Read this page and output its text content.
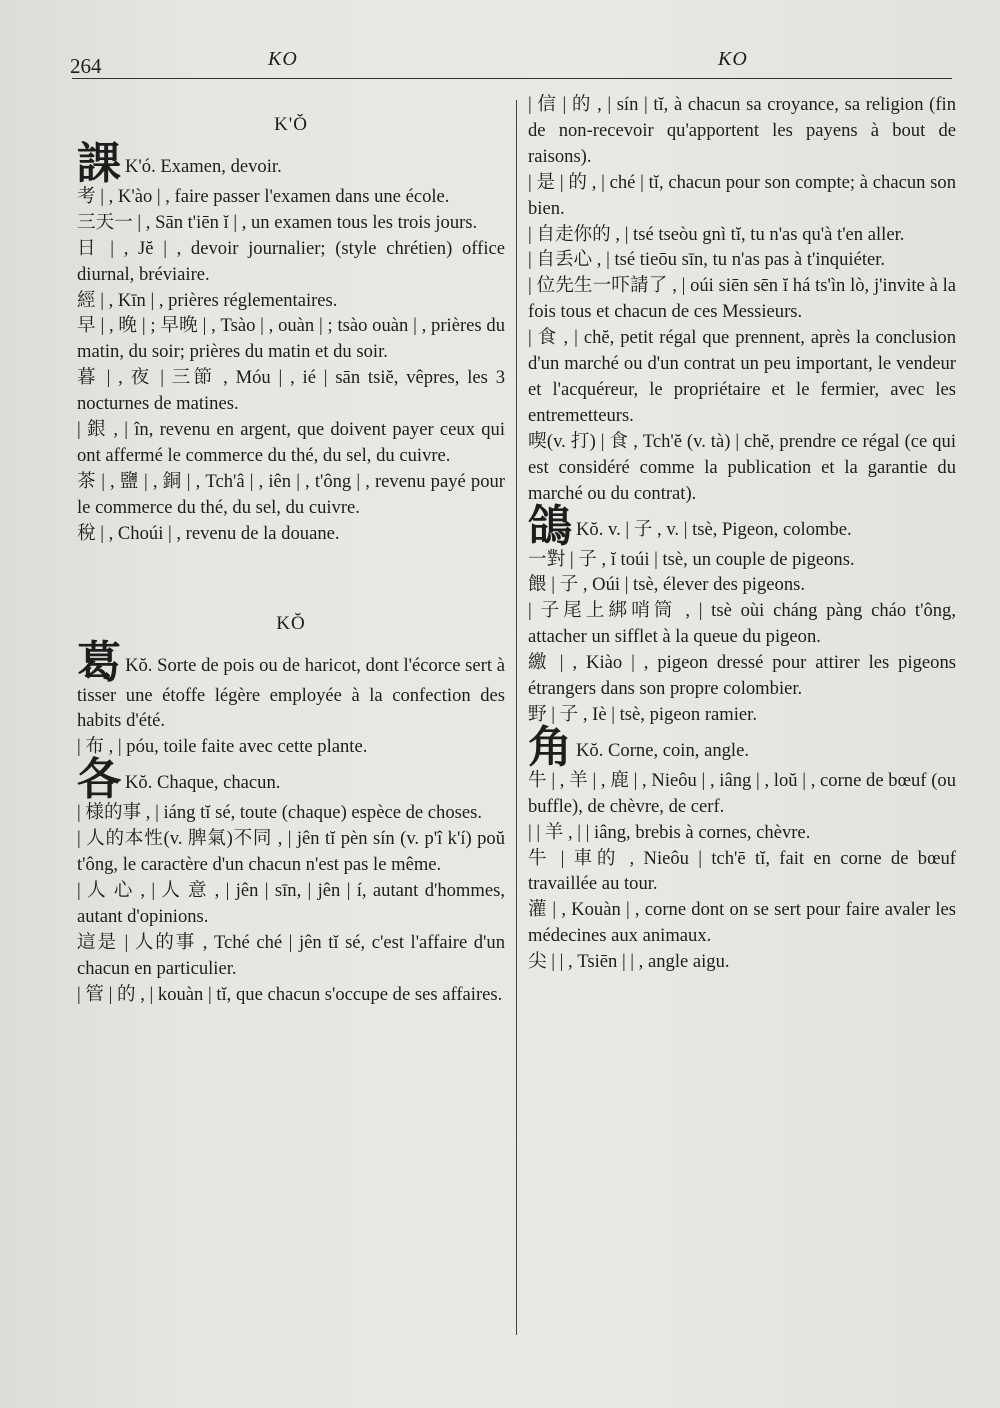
264	KO	KO

K'Ŏ

課 K'ó. Examen, devoir.

考 | , K'ào | , faire passer l'examen dans une école.

三天一 | , Sān t'iēn ĭ | , un examen tous les trois jours.

日 | , Jĕ | , devoir journalier; (style chrétien) office diurnal, bréviaire.

經 | , Kīn | , prières réglementaires.

早 | , 晚 | ; 早晚 | , Tsào | , ouàn | ; tsào ouàn | , prières du matin, du soir; prières du matin et du soir.

暮 | , 夜 | 三節 , Móu | , ié | sān tsiĕ, vêpres, les 3 nocturnes de matines.

| 銀 , | în, revenu en argent, que doivent payer ceux qui ont affermé le commerce du thé, du sel, du cuivre.

茶 | , 鹽 | , 銅 | , Tch'â | , iên | , t'ông | , revenu payé pour le commerce du thé, du sel, du cuivre.

稅 | , Choúi | , revenu de la douane.

KŎ

葛 Kŏ. Sorte de pois ou de haricot, dont l'écorce sert à tisser une étoffe légère employée à la confection des habits d'été.

| 布 , | póu, toile faite avec cette plante.

各 Kŏ. Chaque, chacun.

| 様的事 , | iáng tĭ sé, toute (chaque) espèce de choses.

| 人的本性(v. 脾氣)不同 , | jên tĭ pèn sín (v. p'î k'í) poŭ t'ông, le caractère d'un chacun n'est pas le même.

| 人 心 , | 人 意 , | jên | sīn, | jên | í, autant d'hommes, autant d'opinions.

這是 | 人的事 , Tché ché | jên tĭ sé, c'est l'affaire d'un chacun en particulier.

| 管 | 的 , | kouàn | tĭ, que chacun s'occupe de ses affaires.

| 信 | 的 , | sín | tĭ, à chacun sa croyance, sa religion (fin de non-recevoir qu'apportent les payens à bout de raisons).

| 是 | 的 , | ché | tĭ, chacun pour son compte; à chacun son bien.

| 自走你的 , | tsé tseòu gnì tĭ, tu n'as qu'à t'en aller.

| 自丢心 , | tsé tieōu sīn, tu n'as pas à t'inquiéter.

| 位先生一吓請了 , | oúi siēn sēn ĭ há ts'ìn lò, j'invite à la fois tous et chacun de ces Messieurs.

| 食 , | chĕ, petit régal que prennent, après la conclusion d'un marché ou d'un contrat un peu important, le vendeur et l'acquéreur, le propriétaire et le fermier, avec les entremetteurs.

喫(v. 打) | 食 , Tch'ĕ (v. tà) | chĕ, prendre ce régal (ce qui est considéré comme la publication et la garantie du marché ou du contrat).

鴿 Kŏ. v. | 子 , v. | tsè, Pigeon, colombe.

一對 | 子 , ĭ toúi | tsè, un couple de pigeons.

餵 | 子 , Oúi | tsè, élever des pigeons.

| 子尾上綁哨筒 , | tsè oùi cháng pàng cháo t'ông, attacher un sifflet à la queue du pigeon.

繳 | , Kiào | , pigeon dressé pour attirer les pigeons étrangers dans son propre colombier.

野 | 子 , Iè | tsè, pigeon ramier.

角 Kŏ. Corne, coin, angle.

牛 | , 羊 | , 鹿 | , Nieôu | , iâng | , loŭ | , corne de bœuf (ou buffle), de chèvre, de cerf.

| | 羊 , | | iâng, brebis à cornes, chèvre.

牛 | 車的 , Nieôu | tch'ē tĭ, fait en corne de bœuf travaillée au tour.

灌 | , Kouàn | , corne dont on se sert pour faire avaler les médecines aux animaux.

尖 | | , Tsiēn | | , angle aigu.
